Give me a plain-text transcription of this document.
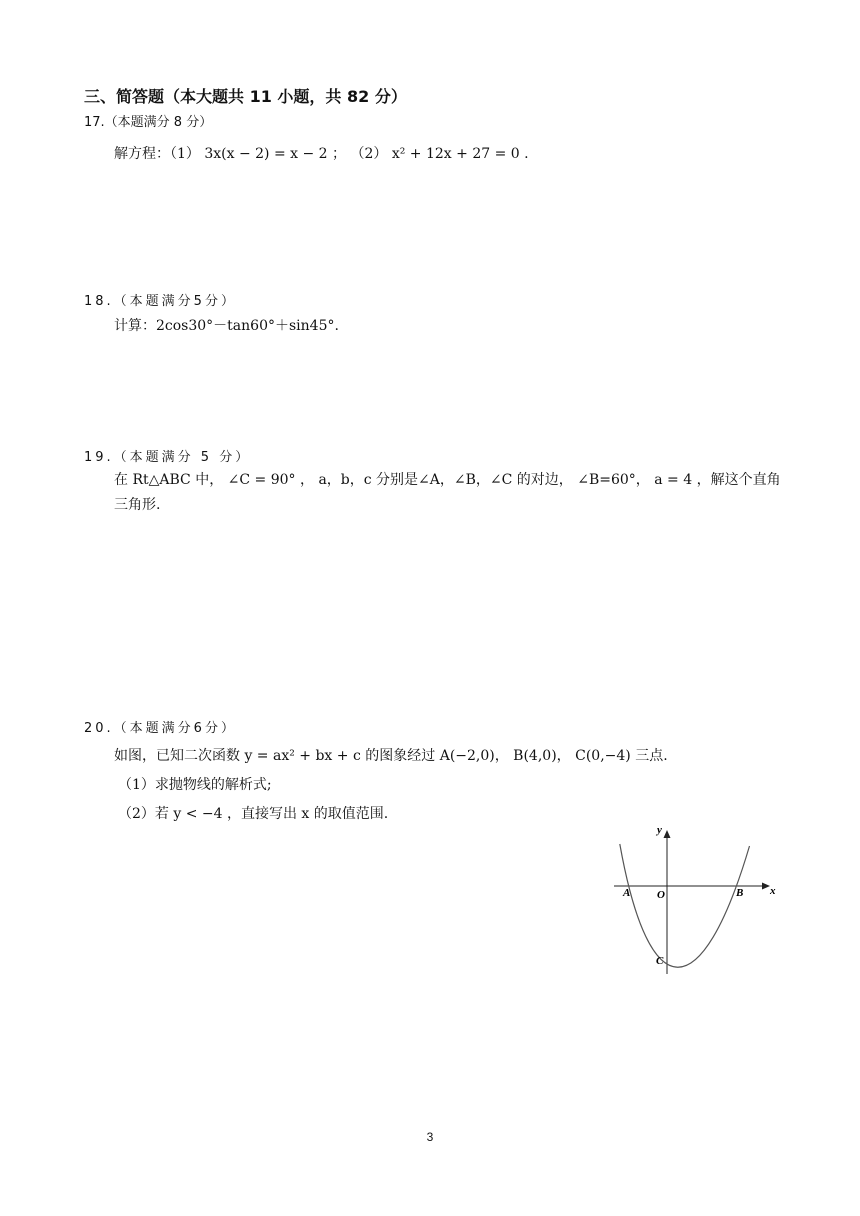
三、简答题（本大题共 11 小题，共 82 分）
17.（本题满分 8 分）
解方程：（1） 3x(x − 2) = x − 2 ； （2） x² + 12x + 27 = 0 .
18.（本题满分5分）
计算：2cos30°－tan60°＋sin45°.
19.（本题满分 5 分）
在 Rt△ABC 中， ∠C = 90° ， a，b，c 分别是∠A，∠B，∠C 的对边， ∠B=60°， a = 4 ，解这个直角
三角形.
20.（本题满分6分）
如图，已知二次函数 y = ax² + bx + c 的图象经过 A(−2,0)， B(4,0)， C(0,−4) 三点.
（1）求抛物线的解析式;
（2）若 y < −4 ，直接写出 x 的取值范围.
x
y
A O	B
C
3
